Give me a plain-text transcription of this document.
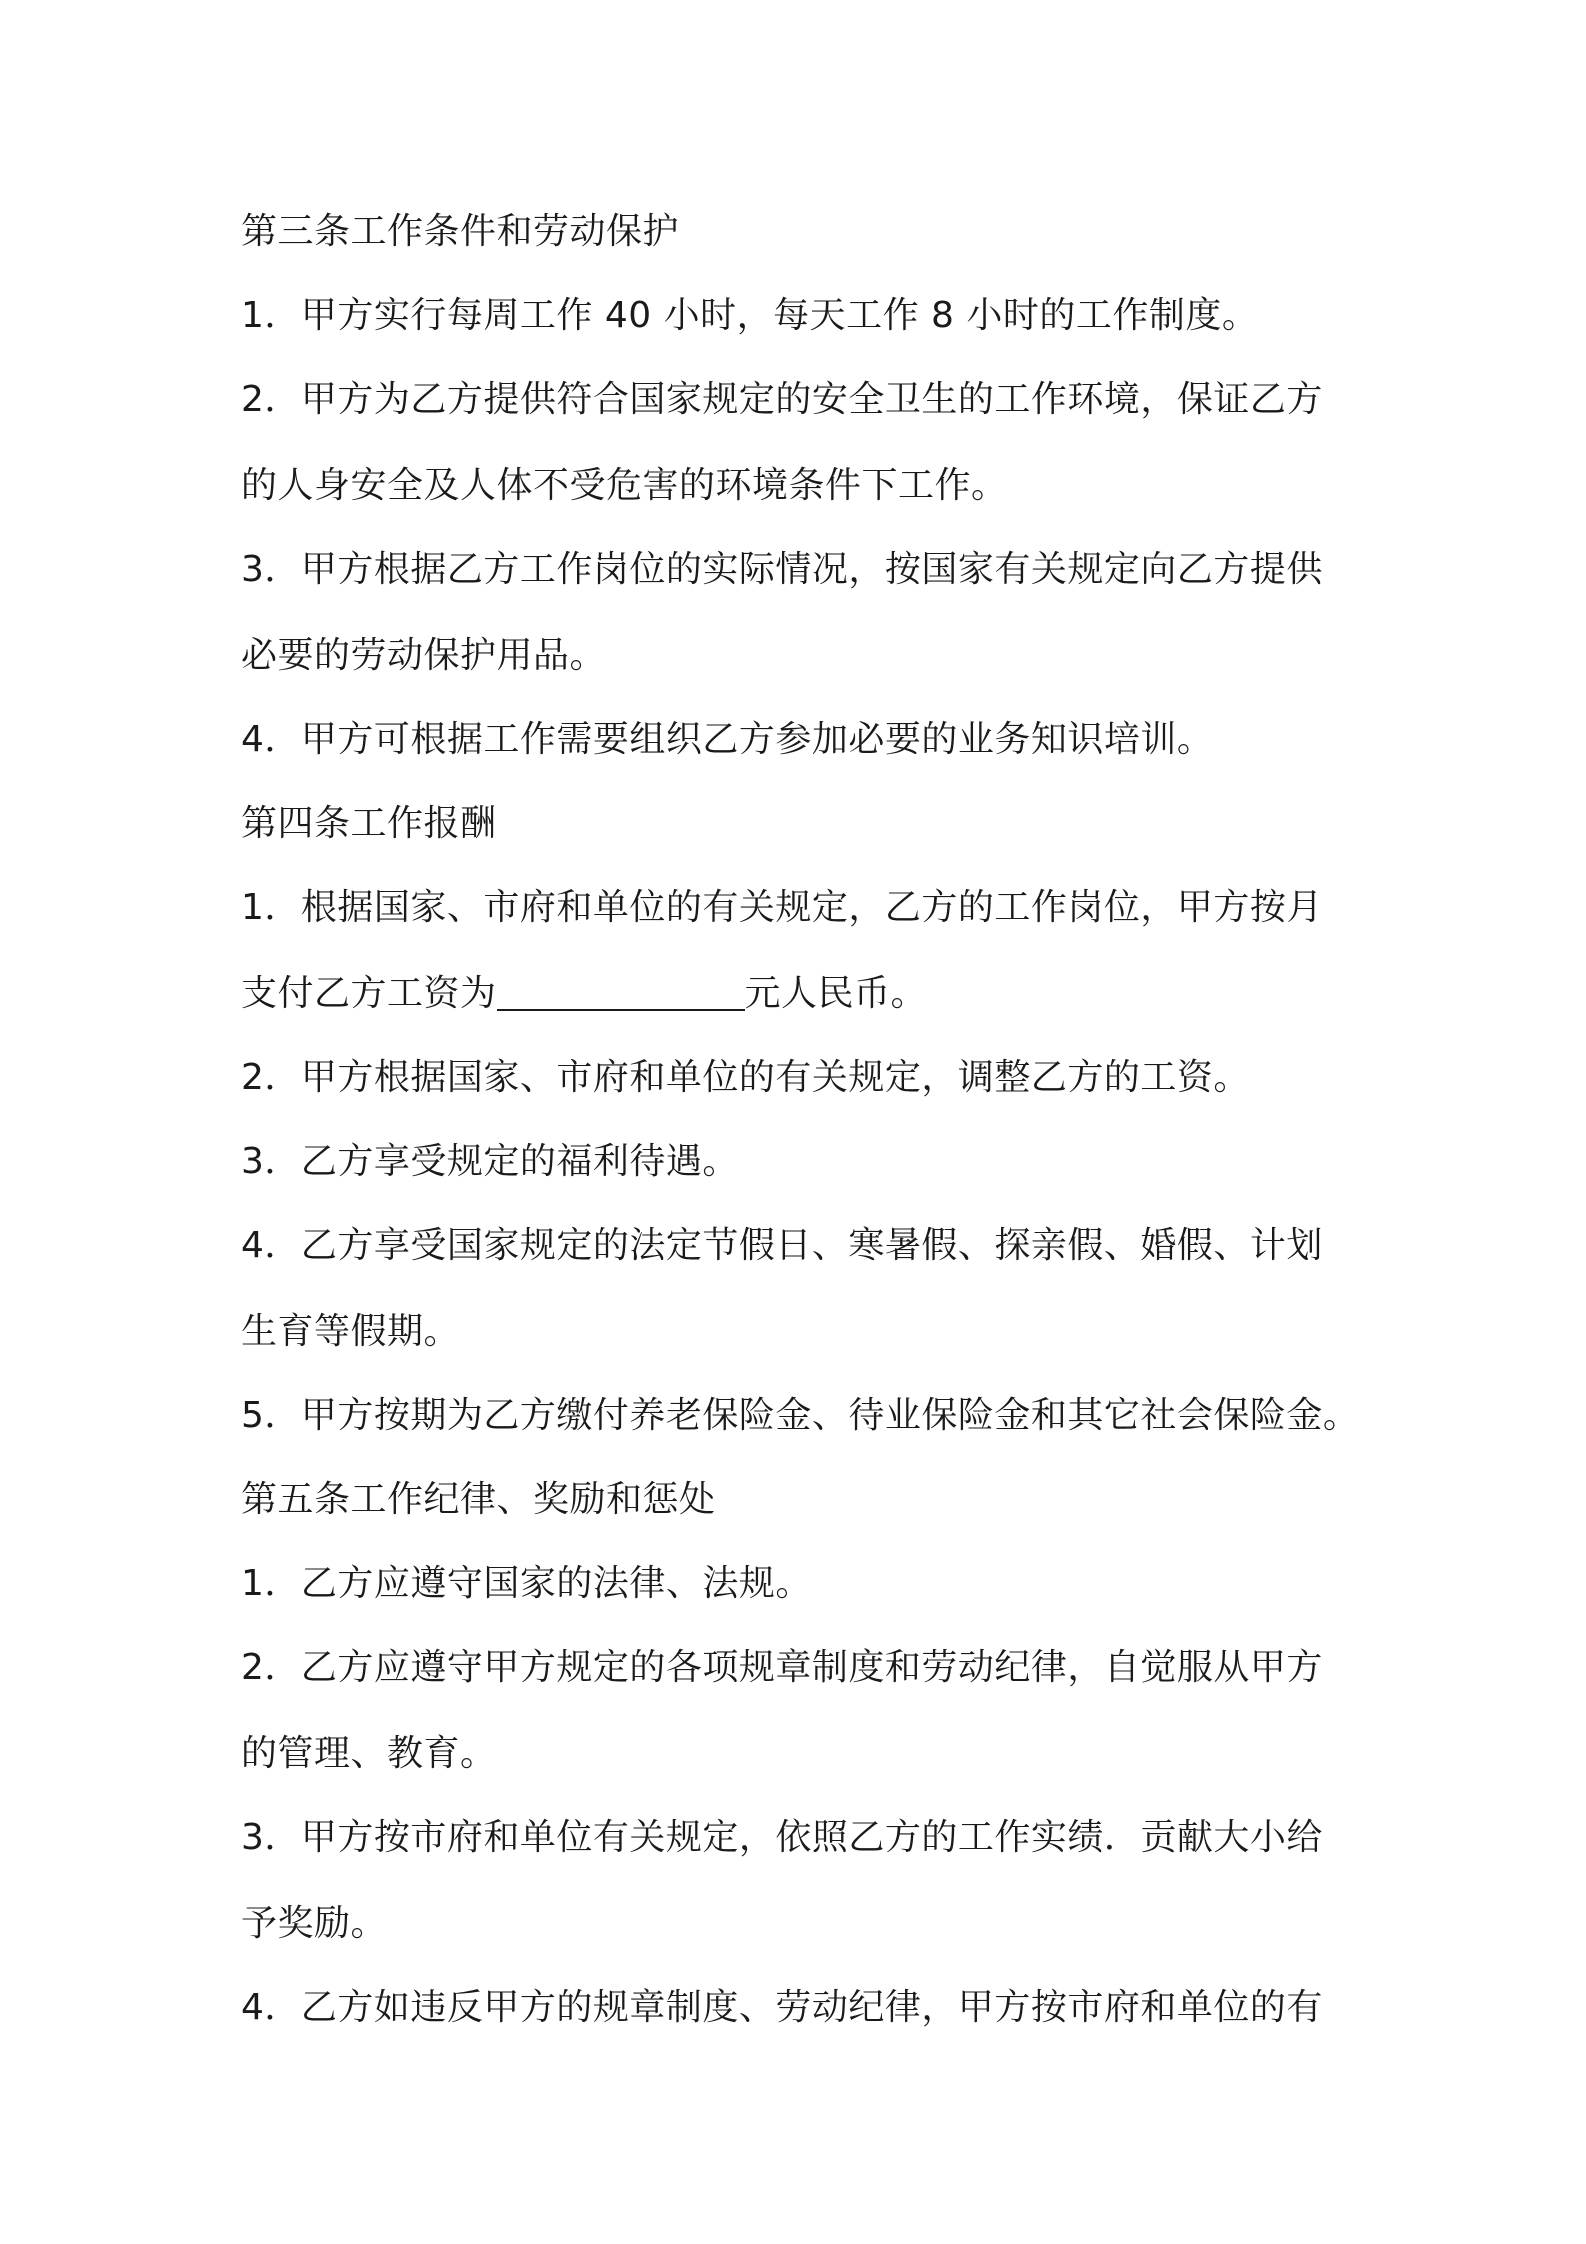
第三条工作条件和劳动保护
1．甲方实行每周工作 40 小时，每天工作 8 小时的工作制度。
2．甲方为乙方提供符合国家规定的安全卫生的工作环境，保证乙方
的人身安全及人体不受危害的环境条件下工作。
3．甲方根据乙方工作岗位的实际情况，按国家有关规定向乙方提供
必要的劳动保护用品。
4．甲方可根据工作需要组织乙方参加必要的业务知识培训。
第四条工作报酬
1．根据国家、市府和单位的有关规定，乙方的工作岗位，甲方按月
支付乙方工资为	元人民币。
2．甲方根据国家、市府和单位的有关规定，调整乙方的工资。
3．乙方享受规定的福利待遇。
4．乙方享受国家规定的法定节假日、寒暑假、探亲假、婚假、计划
生育等假期。
5．甲方按期为乙方缴付养老保险金、待业保险金和其它社会保险金。
第五条工作纪律、奖励和惩处
1．乙方应遵守国家的法律、法规。
2．乙方应遵守甲方规定的各项规章制度和劳动纪律，自觉服从甲方
的管理、教育。
3．甲方按市府和单位有关规定，依照乙方的工作实绩．贡献大小给
予奖励。
4．乙方如违反甲方的规章制度、劳动纪律，甲方按市府和单位的有
